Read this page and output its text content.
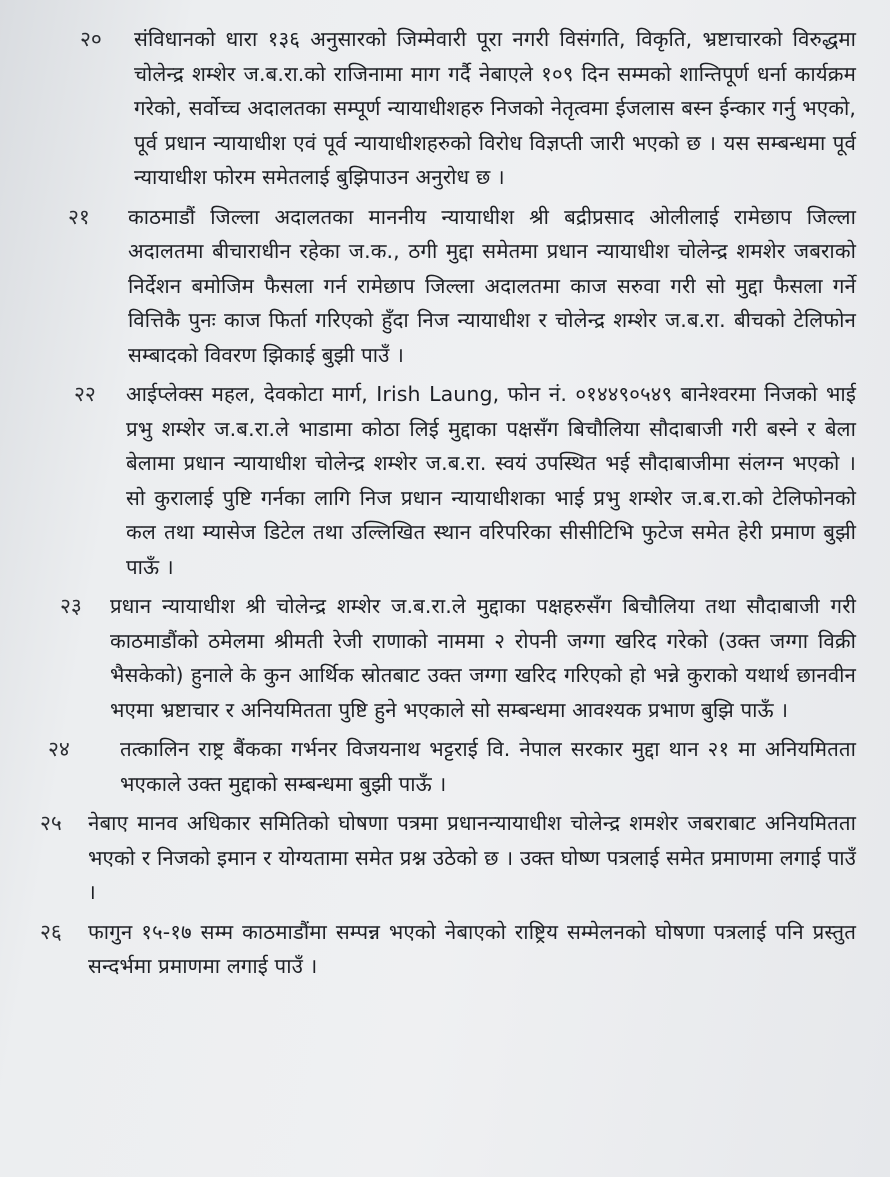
२०	संविधानको धारा १३६ अनुसारको जिम्मेवारी पूरा नगरी विसंगति, विकृति, भ्रष्टाचारको विरुद्धमा चोलेन्द्र शम्शेर ज.ब.रा.को राजिनामा माग गर्दै नेबाएले १०९ दिन सम्मको शान्तिपूर्ण धर्ना कार्यक्रम गरेको, सर्वोच्च अदालतका सम्पूर्ण न्यायाधीशहरु निजको नेतृत्वमा ईजलास बस्न ईन्कार गर्नु भएको, पूर्व प्रधान न्यायाधीश एवं पूर्व न्यायाधीशहरुको विरोध विज्ञप्ती जारी भएको छ । यस सम्बन्धमा पूर्व न्यायाधीश फोरम समेतलाई बुझिपाउन अनुरोध छ ।
२१	काठमाडौं जिल्ला अदालतका माननीय न्यायाधीश श्री बद्रीप्रसाद ओलीलाई रामेछाप जिल्ला अदालतमा बीचाराधीन रहेका ज.क., ठगी मुद्दा समेतमा प्रधान न्यायाधीश चोलेन्द्र शमशेर जबराको निर्देशन बमोजिम फैसला गर्न रामेछाप जिल्ला अदालतमा काज सरुवा गरी सो मुद्दा फैसला गर्ने वित्तिकै पुनः काज फिर्ता गरिएको हुँदा निज न्यायाधीश र चोलेन्द्र शम्शेर ज.ब.रा. बीचको टेलिफोन सम्बादको विवरण झिकाई बुझी पाउँ ।
२२	आईप्लेक्स महल, देवकोटा मार्ग, Irish Laung, फोन नं. ०१४४९०५४९ बानेश्वरमा निजको भाई प्रभु शम्शेर ज.ब.रा.ले भाडामा कोठा लिई मुद्दाका पक्षसँग बिचौलिया सौदाबाजी गरी बस्ने र बेला बेलामा प्रधान न्यायाधीश चोलेन्द्र शम्शेर ज.ब.रा. स्वयं उपस्थित भई सौदाबाजीमा संलग्न भएको । सो कुरालाई पुष्टि गर्नका लागि निज प्रधान न्यायाधीशका भाई प्रभु शम्शेर ज.ब.रा.को टेलिफोनको कल तथा म्यासेज डिटेल तथा उल्लिखित स्थान वरिपरिका सीसीटिभि फुटेज समेत हेरी प्रमाण बुझी पाऊँ ।
२३	प्रधान न्यायाधीश श्री चोलेन्द्र शम्शेर ज.ब.रा.ले मुद्दाका पक्षहरुसँग बिचौलिया तथा सौदाबाजी गरी काठमाडौंको ठमेलमा श्रीमती रेजी राणाको नाममा २ रोपनी जग्गा खरिद गरेको (उक्त जग्गा विक्री भैसकेको) हुनाले के कुन आर्थिक स्रोतबाट उक्त जग्गा खरिद गरिएको हो भन्ने कुराको यथार्थ छानवीन भएमा भ्रष्टाचार र अनियमितता पुष्टि हुने भएकाले सो सम्बन्धमा आवश्यक प्रभाण बुझि पाऊँ ।
२४	तत्कालिन राष्ट्र बैंकका गर्भनर विजयनाथ भट्टराई वि. नेपाल सरकार मुद्दा थान २१ मा अनियमितता भएकाले उक्त मुद्दाको सम्बन्धमा बुझी पाऊँ ।
२५	नेबाए मानव अधिकार समितिको घोषणा पत्रमा प्रधानन्यायाधीश चोलेन्द्र शमशेर जबराबाट अनियमितता भएको र निजको इमान र योग्यतामा समेत प्रश्न उठेको छ । उक्त घोष्ण पत्रलाई समेत प्रमाणमा लगाई पाउँ ।
२६	फागुन १५-१७ सम्म काठमाडौंमा सम्पन्न भएको नेबाएको राष्ट्रिय सम्मेलनको घोषणा पत्रलाई पनि प्रस्तुत सन्दर्भमा प्रमाणमा लगाई पाउँ ।
